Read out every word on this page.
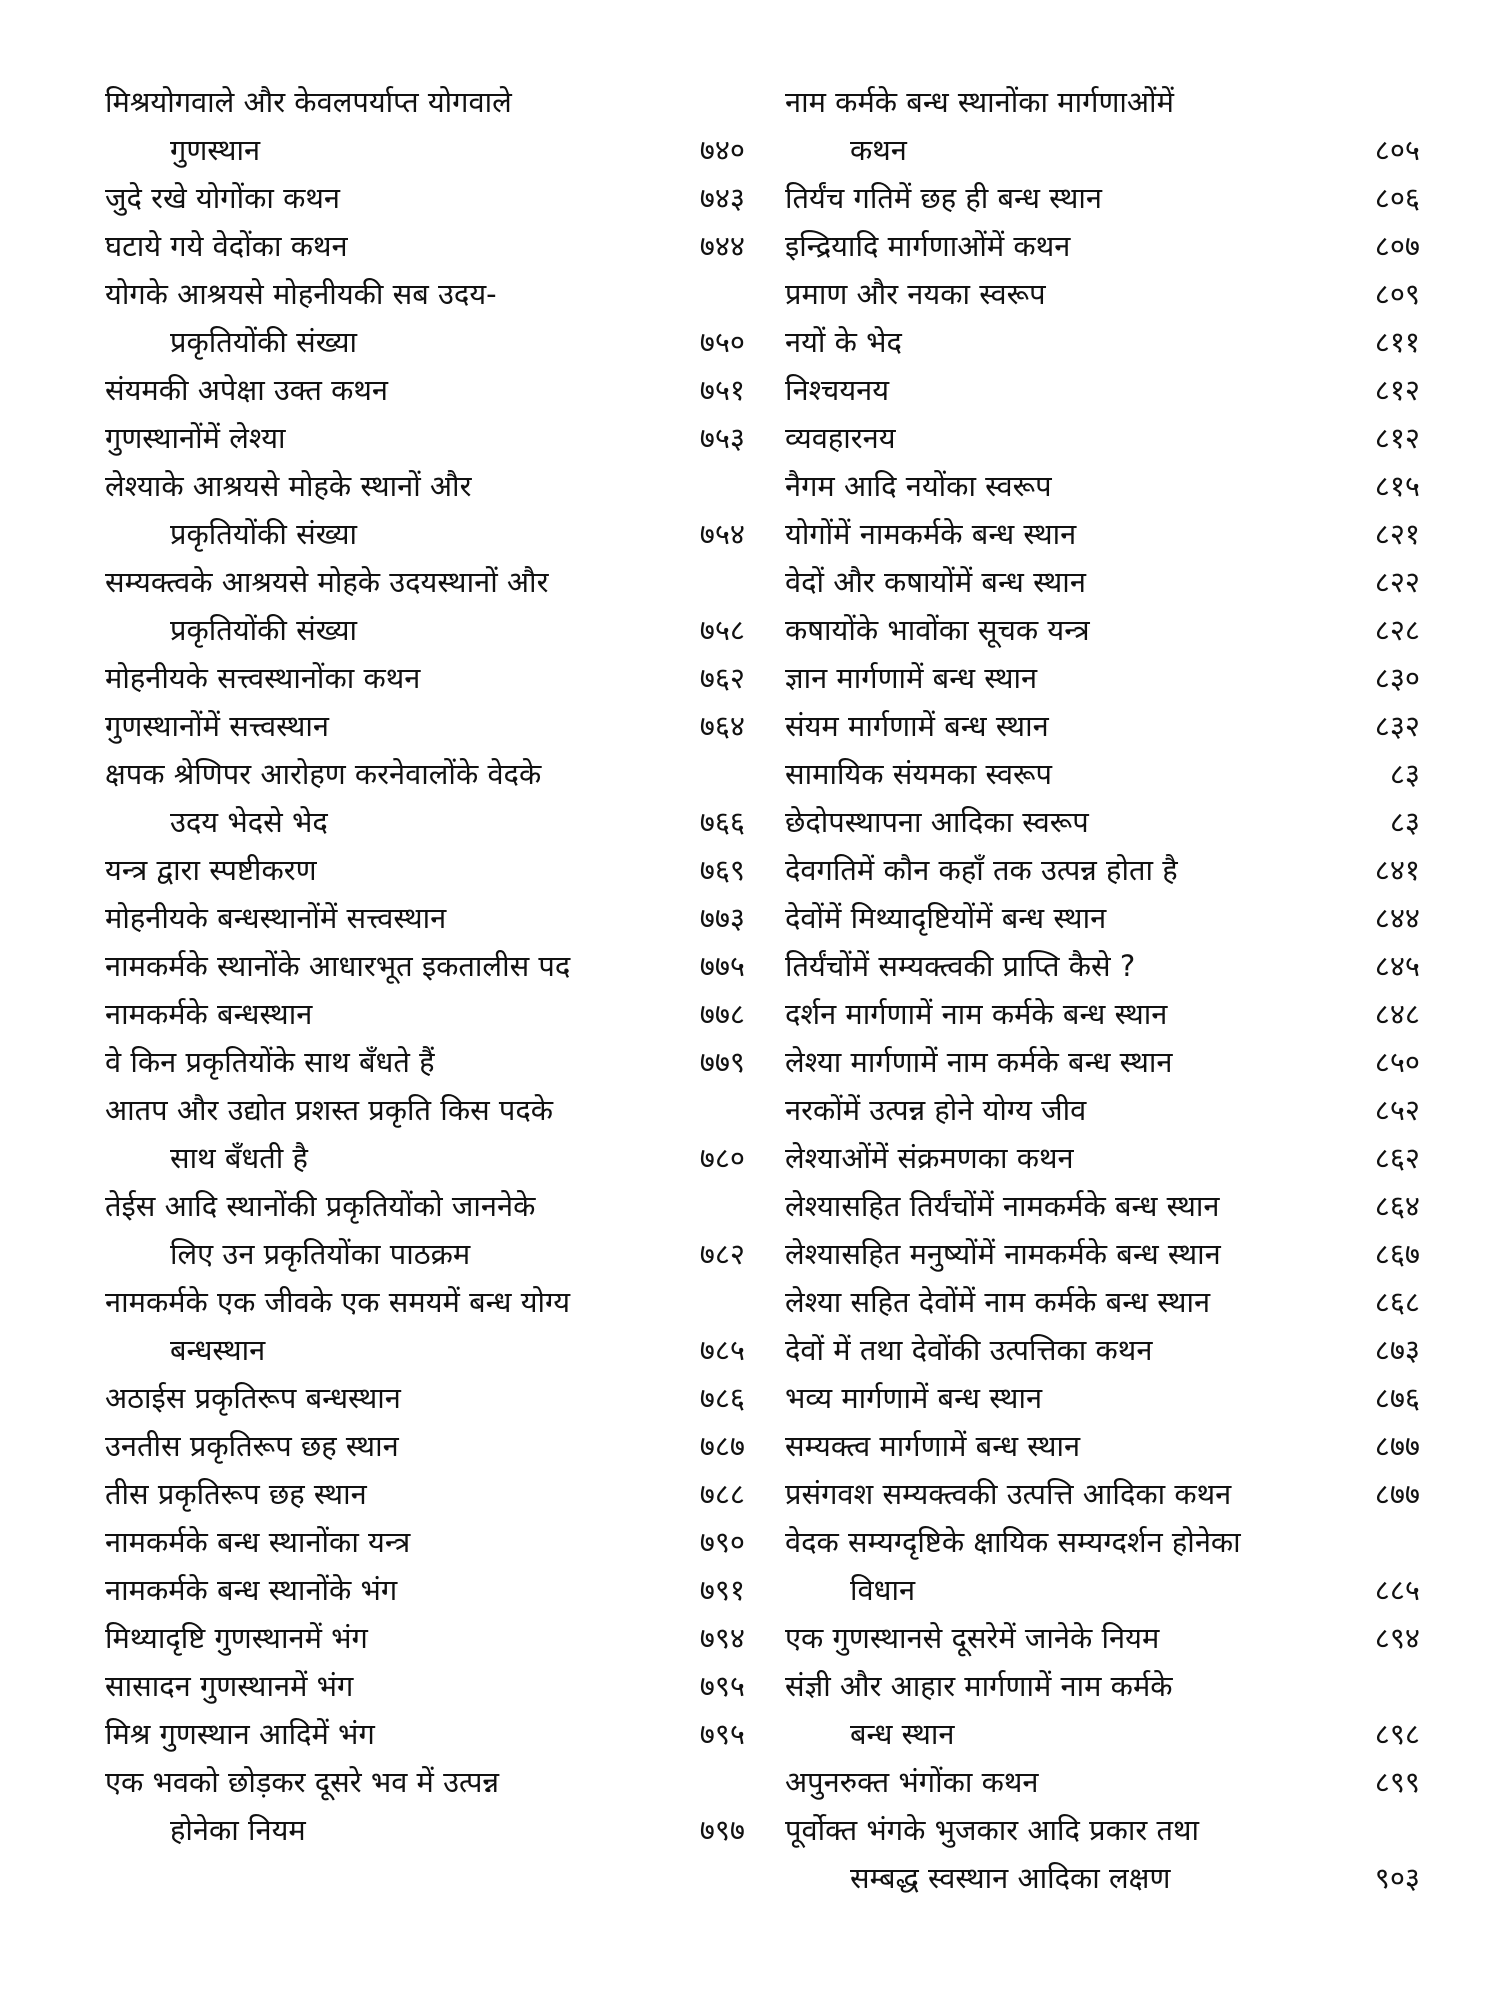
मिश्रयोगवाले और केवलपर्याप्त योगवाले
गुणस्थान	७४०
जुदे रखे योगोंका कथन	७४३
घटाये गये वेदोंका कथन	७४४
योगके आश्रयसे मोहनीयकी सब उदय-
प्रकृतियोंकी संख्या	७५०
संयमकी अपेक्षा उक्त कथन	७५१
गुणस्थानोंमें लेश्या	७५३
लेश्याके आश्रयसे मोहके स्थानों और
प्रकृतियोंकी संख्या	७५४
सम्यक्त्वके आश्रयसे मोहके उदयस्थानों और
प्रकृतियोंकी संख्या	७५८
मोहनीयके सत्त्वस्थानोंका कथन	७६२
गुणस्थानोंमें सत्त्वस्थान	७६४
क्षपक श्रेणिपर आरोहण करनेवालोंके वेदके
उदय भेदसे भेद	७६६
यन्त्र द्वारा स्पष्टीकरण	७६९
मोहनीयके बन्धस्थानोंमें सत्त्वस्थान	७७३
नामकर्मके स्थानोंके आधारभूत इकतालीस पद	७७५
नामकर्मके बन्धस्थान	७७८
वे किन प्रकृतियोंके साथ बँधते हैं	७७९
आतप और उद्योत प्रशस्त प्रकृति किस पदके
साथ बँधती है	७८०
तेईस आदि स्थानोंकी प्रकृतियोंको जाननेके
लिए उन प्रकृतियोंका पाठक्रम	७८२
नामकर्मके एक जीवके एक समयमें बन्ध योग्य
बन्धस्थान	७८५
अठाईस प्रकृतिरूप बन्धस्थान	७८६
उनतीस प्रकृतिरूप छह स्थान	७८७
तीस प्रकृतिरूप छह स्थान	७८८
नामकर्मके बन्ध स्थानोंका यन्त्र	७९०
नामकर्मके बन्ध स्थानोंके भंग	७९१
मिथ्यादृष्टि गुणस्थानमें भंग	७९४
सासादन गुणस्थानमें भंग	७९५
मिश्र गुणस्थान आदिमें भंग	७९५
एक भवको छोड़कर दूसरे भव में उत्पन्न
होनेका नियम	७९७
नाम कर्मके बन्ध स्थानोंका मार्गणाओंमें
कथन	८०५
तिर्यंच गतिमें छह ही बन्ध स्थान	८०६
इन्द्रियादि मार्गणाओंमें कथन	८०७
प्रमाण और नयका स्वरूप	८०९
नयों के भेद	८११
निश्चयनय	८१२
व्यवहारनय	८१२
नैगम आदि नयोंका स्वरूप	८१५
योगोंमें नामकर्मके बन्ध स्थान	८२१
वेदों और कषायोंमें बन्ध स्थान	८२२
कषायोंके भावोंका सूचक यन्त्र	८२८
ज्ञान मार्गणामें बन्ध स्थान	८३०
संयम मार्गणामें बन्ध स्थान	८३२
सामायिक संयमका स्वरूप	८३
छेदोपस्थापना आदिका स्वरूप	८३
देवगतिमें कौन कहाँ तक उत्पन्न होता है	८४१
देवोंमें मिथ्यादृष्टियोंमें बन्ध स्थान	८४४
तिर्यंचोंमें सम्यक्त्वकी प्राप्ति कैसे ?	८४५
दर्शन मार्गणामें नाम कर्मके बन्ध स्थान	८४८
लेश्या मार्गणामें नाम कर्मके बन्ध स्थान	८५०
नरकोंमें उत्पन्न होने योग्य जीव	८५२
लेश्याओंमें संक्रमणका कथन	८६२
लेश्यासहित तिर्यंचोंमें नामकर्मके बन्ध स्थान	८६४
लेश्यासहित मनुष्योंमें नामकर्मके बन्ध स्थान	८६७
लेश्या सहित देवोंमें नाम कर्मके बन्ध स्थान	८६८
देवों में तथा देवोंकी उत्पत्तिका कथन	८७३
भव्य मार्गणामें बन्ध स्थान	८७६
सम्यक्त्व मार्गणामें बन्ध स्थान	८७७
प्रसंगवश सम्यक्त्वकी उत्पत्ति आदिका कथन	८७७
वेदक सम्यग्दृष्टिके क्षायिक सम्यग्दर्शन होनेका
विधान	८८५
एक गुणस्थानसे दूसरेमें जानेके नियम	८९४
संज्ञी और आहार मार्गणामें नाम कर्मके
बन्ध स्थान	८९८
अपुनरुक्त भंगोंका कथन	८९९
पूर्वोक्त भंगके भुजकार आदि प्रकार तथा
सम्बद्ध स्वस्थान आदिका लक्षण	९०३
